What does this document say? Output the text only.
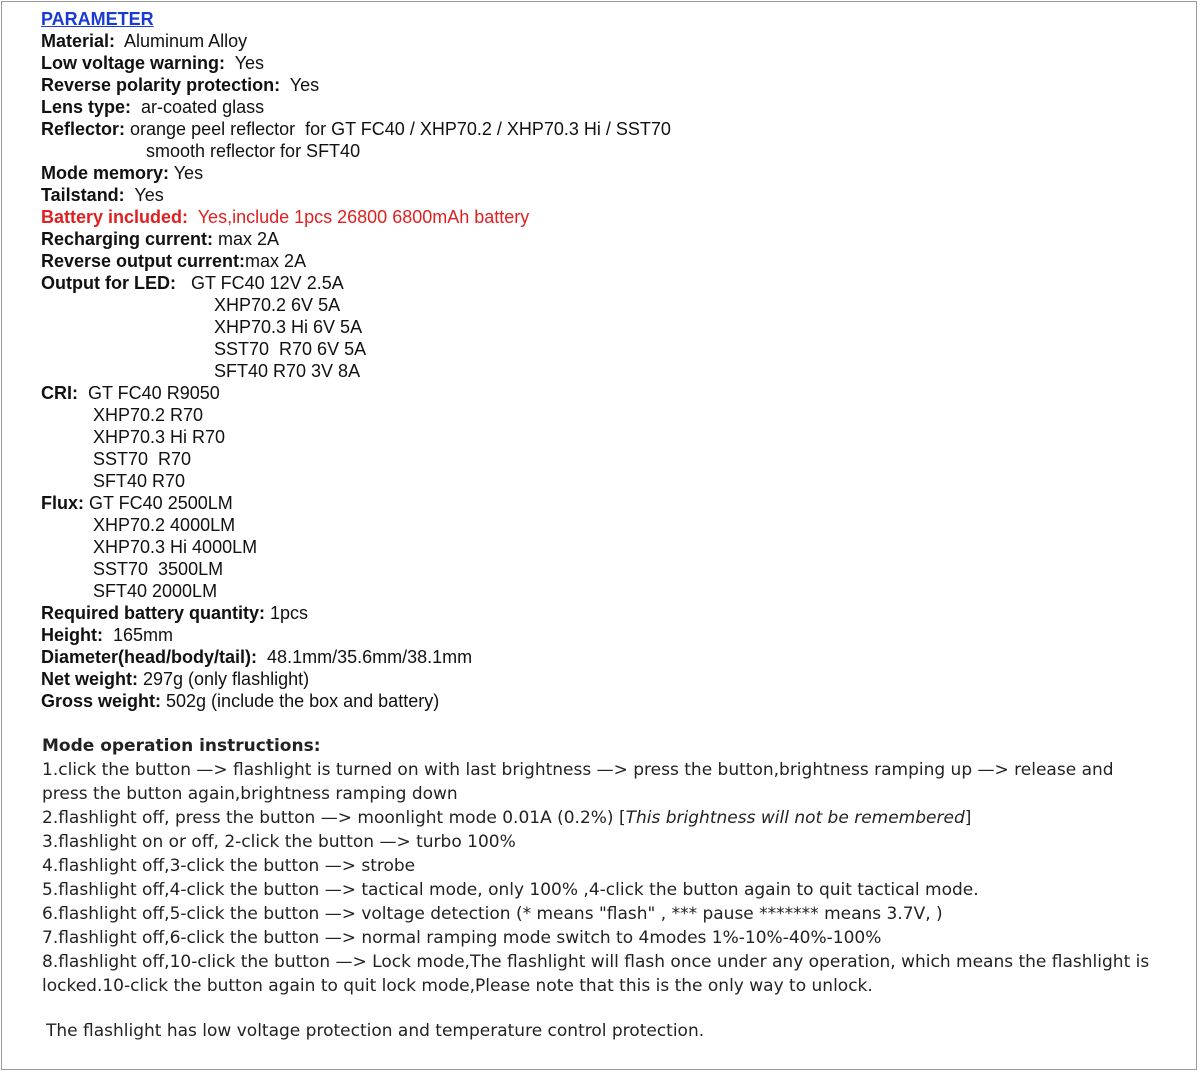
PARAMETER
Material:  Aluminum Alloy
Low voltage warning:  Yes
Reverse polarity protection:  Yes
Lens type:  ar-coated glass
Reflector: orange peel reflector  for GT FC40 / XHP70.2 / XHP70.3 Hi / SST70
smooth reflector for SFT40
Mode memory: Yes
Tailstand:  Yes
Battery included:  Yes,include 1pcs 26800 6800mAh battery
Recharging current: max 2A
Reverse output current:max 2A
Output for LED:   GT FC40 12V 2.5A
XHP70.2 6V 5A
XHP70.3 Hi 6V 5A
SST70  R70 6V 5A
SFT40 R70 3V 8A
CRI:  GT FC40 R9050
XHP70.2 R70
XHP70.3 Hi R70
SST70  R70
SFT40 R70
Flux: GT FC40 2500LM
XHP70.2 4000LM
XHP70.3 Hi 4000LM
SST70  3500LM
SFT40 2000LM
Required battery quantity: 1pcs
Height:  165mm
Diameter(head/body/tail):  48.1mm/35.6mm/38.1mm
Net weight: 297g (only flashlight)
Gross weight: 502g (include the box and battery)
Mode operation instructions:
1.click the button —> flashlight is turned on with last brightness —> press the button,brightness ramping up —> release and press the button again,brightness ramping down
2.flashlight off, press the button —> moonlight mode 0.01A (0.2%) [This brightness will not be remembered]
3.flashlight on or off, 2-click the button —> turbo 100%
4.flashlight off,3-click the button —> strobe
5.flashlight off,4-click the button —> tactical mode, only 100% ,4-click the button again to quit tactical mode.
6.flashlight off,5-click the button —> voltage detection (* means "flash" , *** pause ******* means 3.7V, )
7.flashlight off,6-click the button —> normal ramping mode switch to 4modes 1%-10%-40%-100%
8.flashlight off,10-click the button —> Lock mode,The flashlight will flash once under any operation, which means the flashlight is locked.10-click the button again to quit lock mode,Please note that this is the only way to unlock.
The flashlight has low voltage protection and temperature control protection.
